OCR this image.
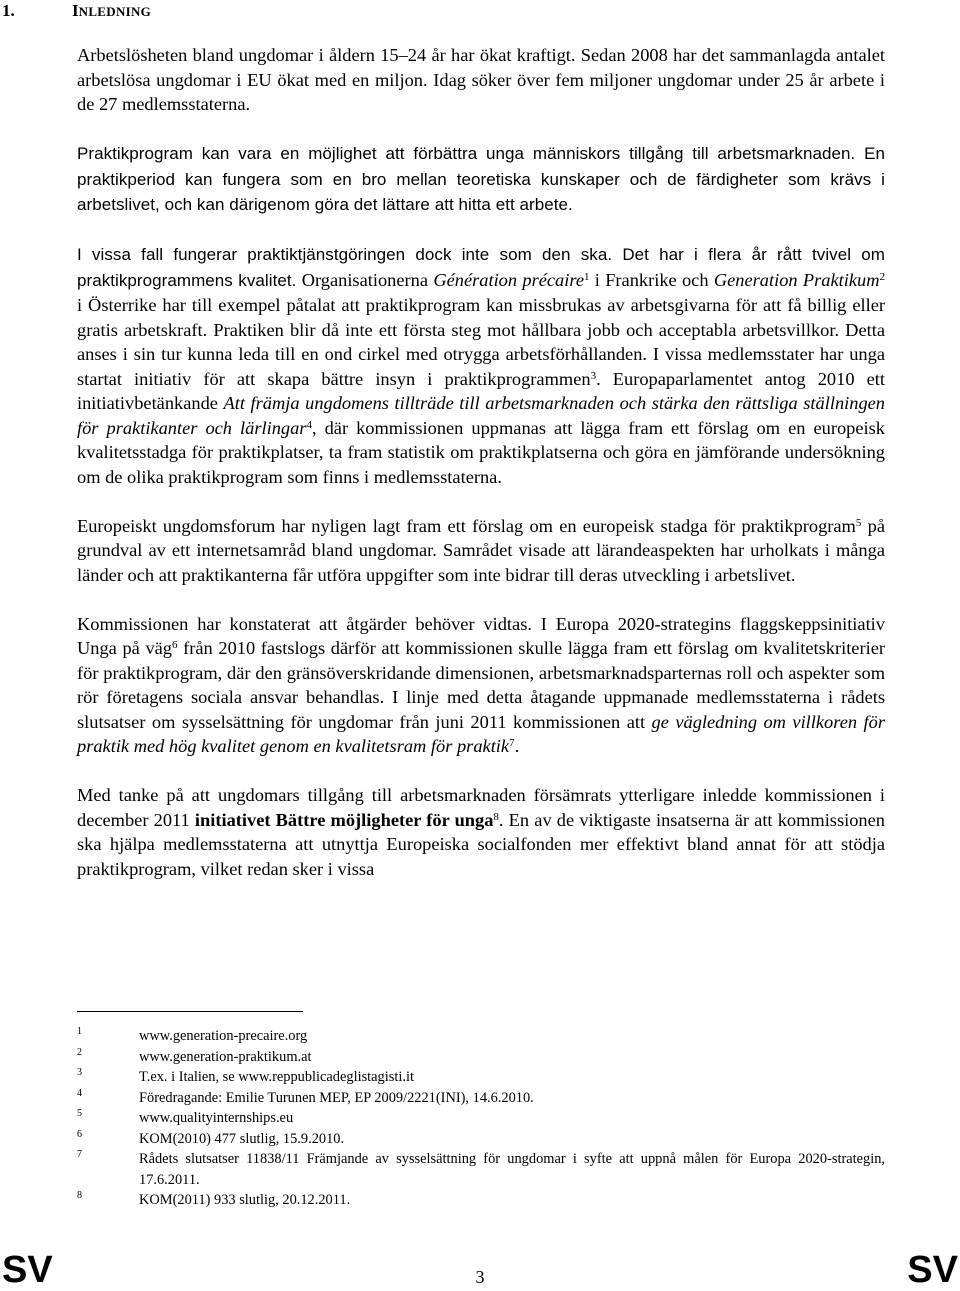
1.	INLEDNING

Arbetslösheten bland ungdomar i åldern 15–24 år har ökat kraftigt. Sedan 2008 har det sammanlagda antalet arbetslösa ungdomar i EU ökat med en miljon. Idag söker över fem miljoner ungdomar under 25 år arbete i de 27 medlemsstaterna.

Praktikprogram kan vara en möjlighet att förbättra unga människors tillgång till arbetsmarknaden. En praktikperiod kan fungera som en bro mellan teoretiska kunskaper och de färdigheter som krävs i arbetslivet, och kan därigenom göra det lättare att hitta ett arbete.

I vissa fall fungerar praktiktjänstgöringen dock inte som den ska. Det har i flera år rått tvivel om praktikprogrammens kvalitet. Organisationerna Génération précaire$^1$ i Frankrike och Generation Praktikum$^2$ i Österrike har till exempel påtalat att praktikprogram kan missbrukas av arbetsgivarna för att få billig eller gratis arbetskraft. Praktiken blir då inte ett första steg mot hållbara jobb och acceptabla arbetsvillkor. Detta anses i sin tur kunna leda till en ond cirkel med otrygga arbetsförhållanden. I vissa medlemsstater har unga startat initiativ för att skapa bättre insyn i praktikprogrammen$^3$. Europaparlamentet antog 2010 ett initiativbetänkande Att främja ungdomens tillträde till arbetsmarknaden och stärka den rättsliga ställningen för praktikanter och lärlingar$^4$, där kommissionen uppmanas att lägga fram ett förslag om en europeisk kvalitetsstadga för praktikplatser, ta fram statistik om praktikplatserna och göra en jämförande undersökning om de olika praktikprogram som finns i medlemsstaterna.

Europeiskt ungdomsforum har nyligen lagt fram ett förslag om en europeisk stadga för praktikprogram$^5$ på grundval av ett internetsamråd bland ungdomar. Samrådet visade att lärandeaspekten har urholkats i många länder och att praktikanterna får utföra uppgifter som inte bidrar till deras utveckling i arbetslivet.

Kommissionen har konstaterat att åtgärder behöver vidtas. I Europa 2020-strategins flaggskeppsinitiativ Unga på väg$^6$ från 2010 fastslogs därför att kommissionen skulle lägga fram ett förslag om kvalitetskriterier för praktikprogram, där den gränsöverskridande dimensionen, arbetsmarknadsparternas roll och aspekter som rör företagens sociala ansvar behandlas. I linje med detta åtagande uppmanade medlemsstaterna i rådets slutsatser om sysselsättning för ungdomar från juni 2011 kommissionen att ge vägledning om villkoren för praktik med hög kvalitet genom en kvalitetsram för praktik$^7$.

Med tanke på att ungdomars tillgång till arbetsmarknaden försämrats ytterligare inledde kommissionen i december 2011 initiativet Bättre möjligheter för unga$^8$. En av de viktigaste insatserna är att kommissionen ska hjälpa medlemsstaterna att utnyttja Europeiska socialfonden mer effektivt bland annat för att stödja praktikprogram, vilket redan sker i vissa

1	www.generation-precaire.org
2	www.generation-praktikum.at
3	T.ex. i Italien, se www.reppublicadeglistagisti.it
4	Föredragande: Emilie Turunen MEP, EP 2009/2221(INI), 14.6.2010.
5	www.qualityinternships.eu
6	KOM(2010) 477 slutlig, 15.9.2010.
7	Rådets slutsatser 11838/11 Främjande av sysselsättning för ungdomar i syfte att uppnå målen för Europa 2020-strategin, 17.6.2011.
8	KOM(2011) 933 slutlig, 20.12.2011.
SV	3	SV
